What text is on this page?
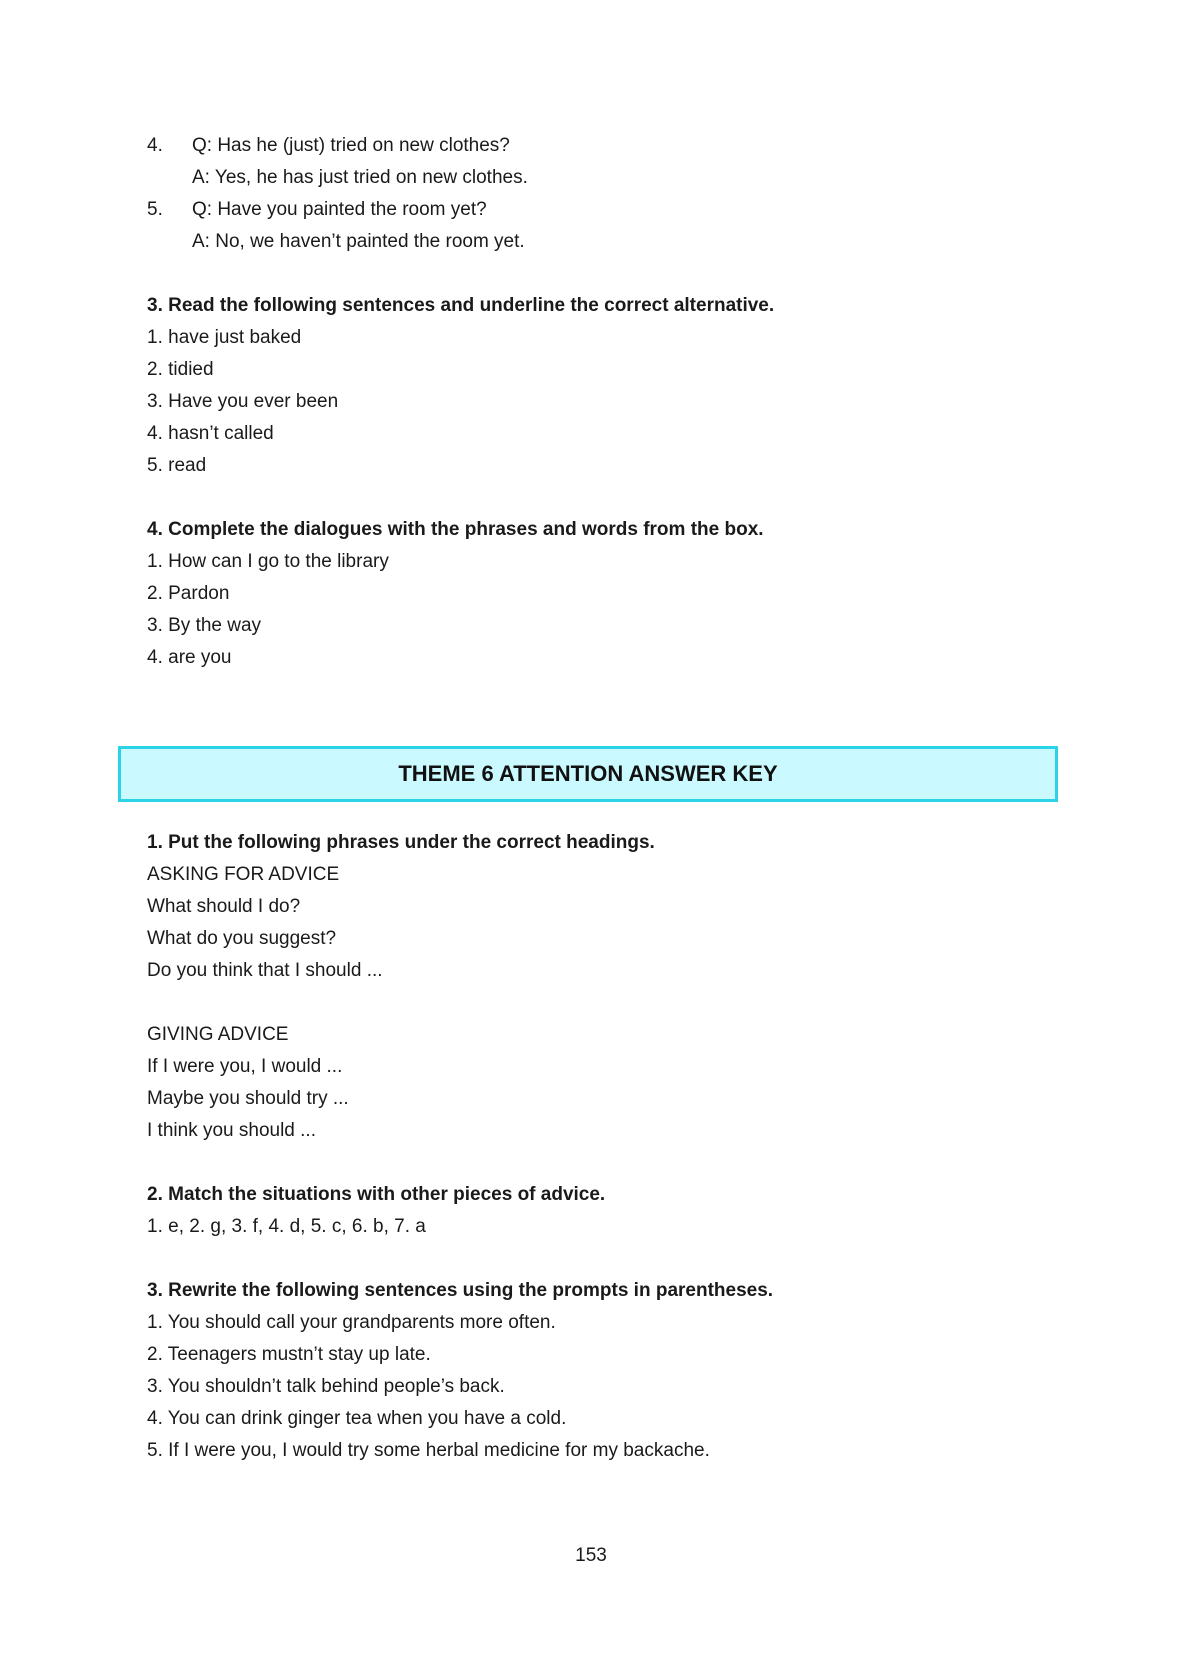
4.	Q: Has he (just) tried on new clothes?
A: Yes, he has just tried on new clothes.
5.	Q: Have you painted the room yet?
A: No, we haven’t painted the room yet.
3. Read the following sentences and underline the correct alternative.
1. have just baked
2. tidied
3. Have you ever been
4. hasn’t called
5. read
4. Complete the dialogues with the phrases and words from the box.
1. How can I go to the library
2. Pardon
3. By the way
4. are you
THEME 6 ATTENTION ANSWER KEY
1. Put the following phrases under the correct headings.
ASKING FOR ADVICE
What should I do?
What do you suggest?
Do you think that I should ...
GIVING ADVICE
If I were you, I would ...
Maybe you should try ...
I think you should ...
2. Match the situations with other pieces of advice.
1. e, 2. g, 3. f, 4. d, 5. c, 6. b, 7. a
3. Rewrite the following sentences using the prompts in parentheses.
1. You should call your grandparents more often.
2. Teenagers mustn’t stay up late.
3. You shouldn’t talk behind people’s back.
4. You can drink ginger tea when you have a cold.
5. If I were you, I would try some herbal medicine for my backache.
153
